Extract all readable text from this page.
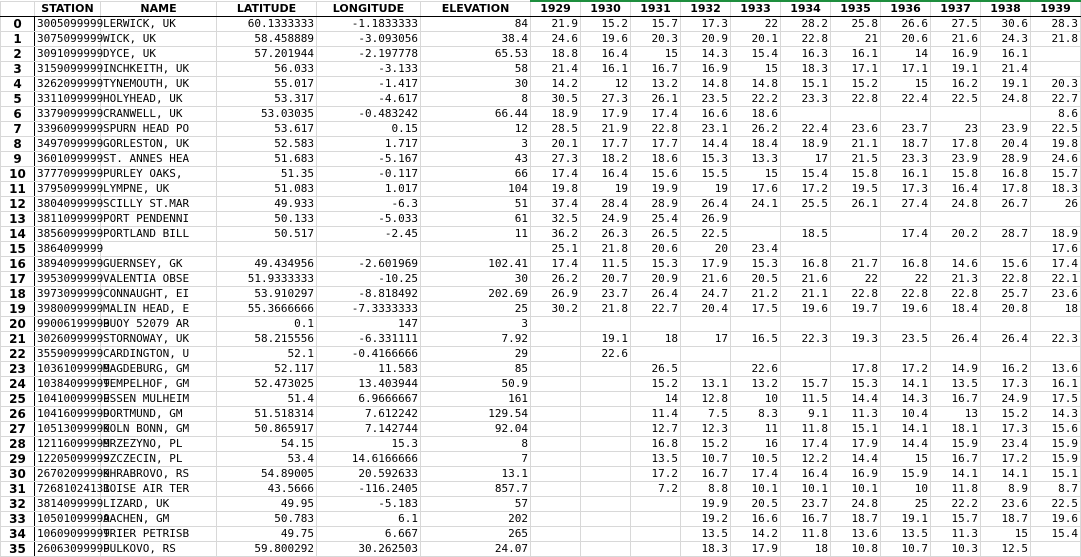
	STATION	NAME	LATITUDE	LONGITUDE	ELEVATION	1929	1930	1931	1932	1933	1934	1935	1936	1937	1938	1939
0	3005099999	LERWICK, UK	60.1333333	-1.1833333	84	21.9	15.2	15.7	17.3	22	28.2	25.8	26.6	27.5	30.6	28.3
1	3075099999	WICK, UK	58.458889	-3.093056	38.4	24.6	19.6	20.3	20.9	20.1	22.8	21	20.6	21.6	24.3	21.8
2	3091099999	DYCE, UK	57.201944	-2.197778	65.53	18.8	16.4	15	14.3	15.4	16.3	16.1	14	16.9	16.1	
3	3159099999	INCHKEITH, UK	56.033	-3.133	58	21.4	16.1	16.7	16.9	15	18.3	17.1	17.1	19.1	21.4	
4	3262099999	TYNEMOUTH, UK	55.017	-1.417	30	14.2	12	13.2	14.8	14.8	15.1	15.2	15	16.2	19.1	20.3
5	3311099999	HOLYHEAD, UK	53.317	-4.617	8	30.5	27.3	26.1	23.5	22.2	23.3	22.8	22.4	22.5	24.8	22.7
6	3379099999	CRANWELL, UK	53.03035	-0.483242	66.44	18.9	17.9	17.4	16.6	18.6						8.6
7	3396099999	SPURN HEAD PO	53.617	0.15	12	28.5	21.9	22.8	23.1	26.2	22.4	23.6	23.7	23	23.9	22.5
8	3497099999	GORLESTON, UK	52.583	1.717	3	20.1	17.7	17.7	14.4	18.4	18.9	21.1	18.7	17.8	20.4	19.8
9	3601099999	ST. ANNES HEA	51.683	-5.167	43	27.3	18.2	18.6	15.3	13.3	17	21.5	23.3	23.9	28.9	24.6
10	3777099999	PURLEY OAKS,	51.35	-0.117	66	17.4	16.4	15.6	15.5	15	15.4	15.8	16.1	15.8	16.8	15.7
11	3795099999	LYMPNE, UK	51.083	1.017	104	19.8	19	19.9	19	17.6	17.2	19.5	17.3	16.4	17.8	18.3
12	3804099999	SCILLY ST.MAR	49.933	-6.3	51	37.4	28.4	28.9	26.4	24.1	25.5	26.1	27.4	24.8	26.7	26
13	3811099999	PORT PENDENNI	50.133	-5.033	61	32.5	24.9	25.4	26.9							
14	3856099999	PORTLAND BILL	50.517	-2.45	11	36.2	26.3	26.5	22.5		18.5		17.4	20.2	28.7	18.9
15	3864099999					25.1	21.8	20.6	20	23.4						17.6
16	3894099999	GUERNSEY, GK	49.434956	-2.601969	102.41	17.4	11.5	15.3	17.9	15.3	16.8	21.7	16.8	14.6	15.6	17.4
17	3953099999	VALENTIA OBSE	51.9333333	-10.25	30	26.2	20.7	20.9	21.6	20.5	21.6	22	22	21.3	22.8	22.1
18	3973099999	CONNAUGHT, EI	53.910297	-8.818492	202.69	26.9	23.7	26.4	24.7	21.2	21.1	22.8	22.8	22.8	25.7	23.6
19	3980099999	MALIN HEAD, E	55.3666666	-7.3333333	25	30.2	21.8	22.7	20.4	17.5	19.6	19.7	19.6	18.4	20.8	18
20	99006199999	BUOY 52079 AR	0.1	147	3											
21	3026099999	STORNOWAY, UK	58.215556	-6.331111	7.92		19.1	18	17	16.5	22.3	19.3	23.5	26.4	26.4	22.3
22	3559099999	CARDINGTON, U	52.1	-0.4166666	29		22.6									
23	10361099999	MAGDEBURG, GM	52.117	11.583	85			26.5		22.6		17.8	17.2	14.9	16.2	13.6
24	10384099999	TEMPELHOF, GM	52.473025	13.403944	50.9			15.2	13.1	13.2	15.7	15.3	14.1	13.5	17.3	16.1
25	10410099999	ESSEN MULHEIM	51.4	6.9666667	161			14	12.8	10	11.5	14.4	14.3	16.7	24.9	17.5
26	10416099999	DORTMUND, GM	51.518314	7.612242	129.54			11.4	7.5	8.3	9.1	11.3	10.4	13	15.2	14.3
27	10513099999	KOLN BONN, GM	50.865917	7.142744	92.04			12.7	12.3	11	11.8	15.1	14.1	18.1	17.3	15.6
28	12116099999	MRZEZYNO, PL	54.15	15.3	8			16.8	15.2	16	17.4	17.9	14.4	15.9	23.4	15.9
29	12205099999	SZCZECIN, PL	53.4	14.6166666	7			13.5	10.7	10.5	12.2	14.4	15	16.7	17.2	15.9
30	26702099999	KHRABROVO, RS	54.89005	20.592633	13.1			17.2	16.7	17.4	16.4	16.9	15.9	14.1	14.1	15.1
31	72681024131	BOISE AIR TER	43.5666	-116.2405	857.7			7.2	8.8	10.1	10.1	10.1	10	11.8	8.9	8.7
32	3814099999	LIZARD, UK	49.95	-5.183	57				19.9	20.5	23.7	24.8	25	22.2	23.6	22.5
33	10501099999	AACHEN, GM	50.783	6.1	202				19.2	16.6	16.7	18.7	19.1	15.7	18.7	19.6
34	10609099999	TRIER PETRISB	49.75	6.667	265				13.5	14.2	11.8	13.6	13.5	11.3	15	15.4
35	26063099999	PULKOVO, RS	59.800292	30.262503	24.07				18.3	17.9	18	10.8	10.7	10.3	12.5	
